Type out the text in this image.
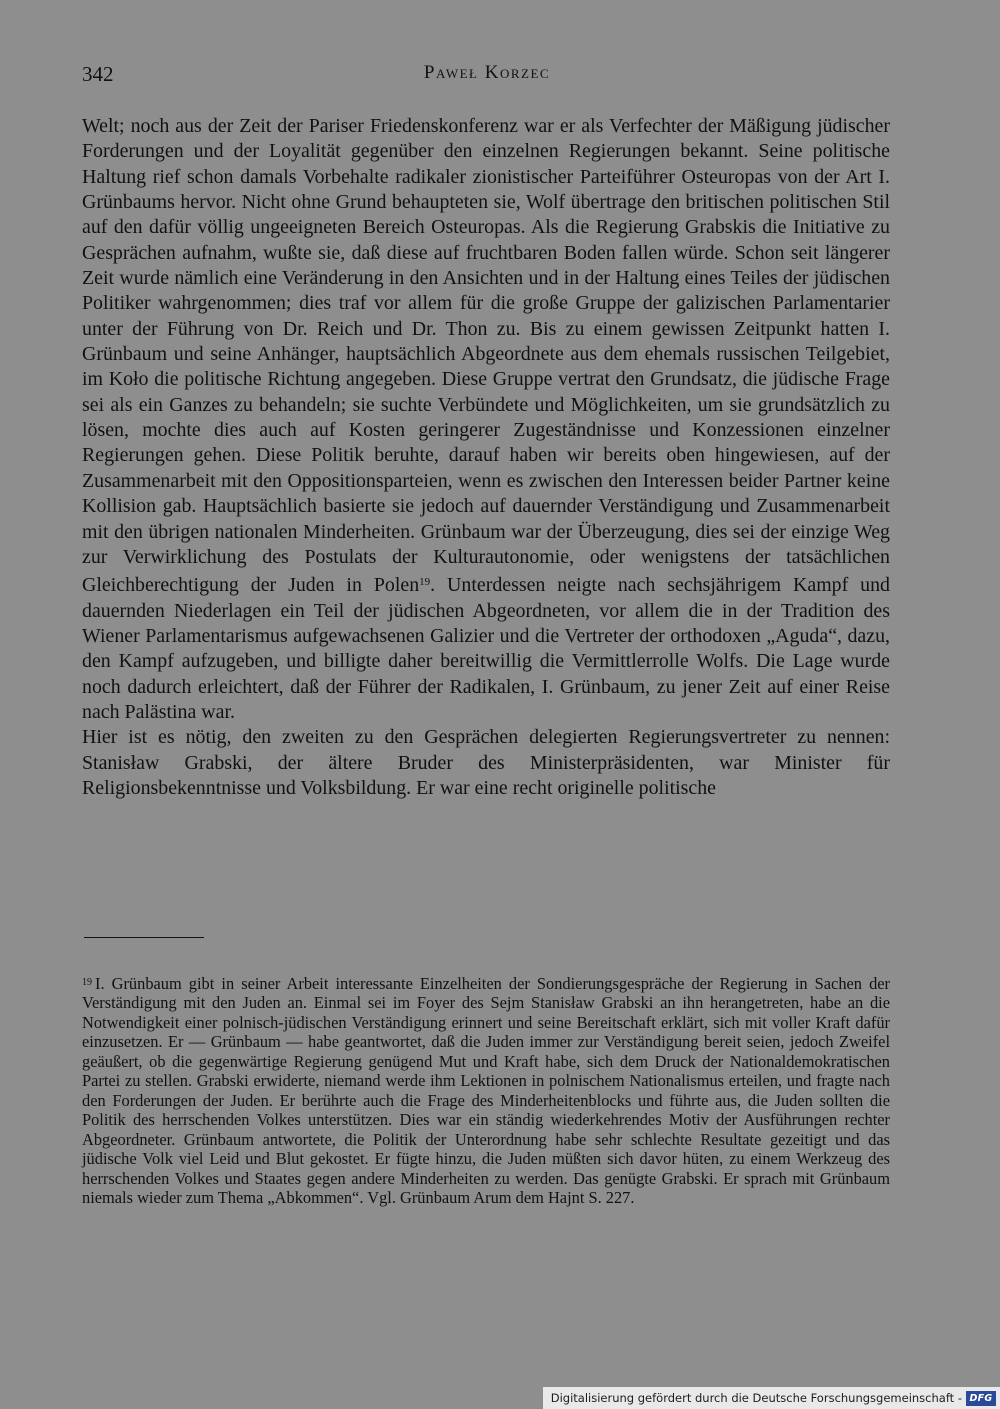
342	Paweł Korzec

Welt; noch aus der Zeit der Pariser Friedenskonferenz war er als Verfechter der Mäßigung jüdischer Forderungen und der Loyalität gegenüber den einzelnen Regierungen bekannt. Seine politische Haltung rief schon damals Vorbehalte radikaler zionistischer Parteiführer Osteuropas von der Art I. Grünbaums hervor. Nicht ohne Grund behaupteten sie, Wolf übertrage den britischen politischen Stil auf den dafür völlig ungeeigneten Bereich Osteuropas. Als die Regierung Grabskis die Initiative zu Gesprächen aufnahm, wußte sie, daß diese auf fruchtbaren Boden fallen würde. Schon seit längerer Zeit wurde nämlich eine Veränderung in den Ansichten und in der Haltung eines Teiles der jüdischen Politiker wahrgenommen; dies traf vor allem für die große Gruppe der galizischen Parlamentarier unter der Führung von Dr. Reich und Dr. Thon zu. Bis zu einem gewissen Zeitpunkt hatten I. Grünbaum und seine Anhänger, hauptsächlich Abgeordnete aus dem ehemals russischen Teilgebiet, im Koło die politische Richtung angegeben. Diese Gruppe vertrat den Grundsatz, die jüdische Frage sei als ein Ganzes zu behandeln; sie suchte Verbündete und Möglichkeiten, um sie grundsätzlich zu lösen, mochte dies auch auf Kosten geringerer Zugeständnisse und Konzessionen einzelner Regierungen gehen. Diese Politik beruhte, darauf haben wir bereits oben hingewiesen, auf der Zusammenarbeit mit den Oppositionsparteien, wenn es zwischen den Interessen beider Partner keine Kollision gab. Hauptsächlich basierte sie jedoch auf dauernder Verständigung und Zusammenarbeit mit den übrigen nationalen Minderheiten. Grünbaum war der Überzeugung, dies sei der einzige Weg zur Verwirklichung des Postulats der Kulturautonomie, oder wenigstens der tatsächlichen Gleichberechtigung der Juden in Polen$^{19}$. Unterdessen neigte nach sechsjährigem Kampf und dauernden Niederlagen ein Teil der jüdischen Abgeordneten, vor allem die in der Tradition des Wiener Parlamentarismus aufgewachsenen Galizier und die Vertreter der orthodoxen „Aguda“, dazu, den Kampf aufzugeben, und billigte daher bereitwillig die Vermittlerrolle Wolfs. Die Lage wurde noch dadurch erleichtert, daß der Führer der Radikalen, I. Grünbaum, zu jener Zeit auf einer Reise nach Palästina war.

Hier ist es nötig, den zweiten zu den Gesprächen delegierten Regierungsvertreter zu nennen: Stanisław Grabski, der ältere Bruder des Ministerpräsidenten, war Minister für Religionsbekenntnisse und Volksbildung. Er war eine recht originelle politische

$^{19}$ I. Grünbaum gibt in seiner Arbeit interessante Einzelheiten der Sondierungsgespräche der Regierung in Sachen der Verständigung mit den Juden an. Einmal sei im Foyer des Sejm Stanisław Grabski an ihn herangetreten, habe an die Notwendigkeit einer polnisch-jüdischen Verständigung erinnert und seine Bereitschaft erklärt, sich mit voller Kraft dafür einzusetzen. Er — Grünbaum — habe geantwortet, daß die Juden immer zur Verständigung bereit seien, jedoch Zweifel geäußert, ob die gegenwärtige Regierung genügend Mut und Kraft habe, sich dem Druck der Nationaldemokratischen Partei zu stellen. Grabski erwiderte, niemand werde ihm Lektionen in polnischem Nationalismus erteilen, und fragte nach den Forderungen der Juden. Er berührte auch die Frage des Minderheitenblocks und führte aus, die Juden sollten die Politik des herrschenden Volkes unterstützen. Dies war ein ständig wiederkehrendes Motiv der Ausführungen rechter Abgeordneter. Grünbaum antwortete, die Politik der Unterordnung habe sehr schlechte Resultate gezeitigt und das jüdische Volk viel Leid und Blut gekostet. Er fügte hinzu, die Juden müßten sich davor hüten, zu einem Werkzeug des herrschenden Volkes und Staates gegen andere Minderheiten zu werden. Das genügte Grabski. Er sprach mit Grünbaum niemals wieder zum Thema „Abkommen“. Vgl. Grünbaum Arum dem Hajnt S. 227.
Digitalisierung gefördert durch die Deutsche Forschungsgemeinschaft - DFG
